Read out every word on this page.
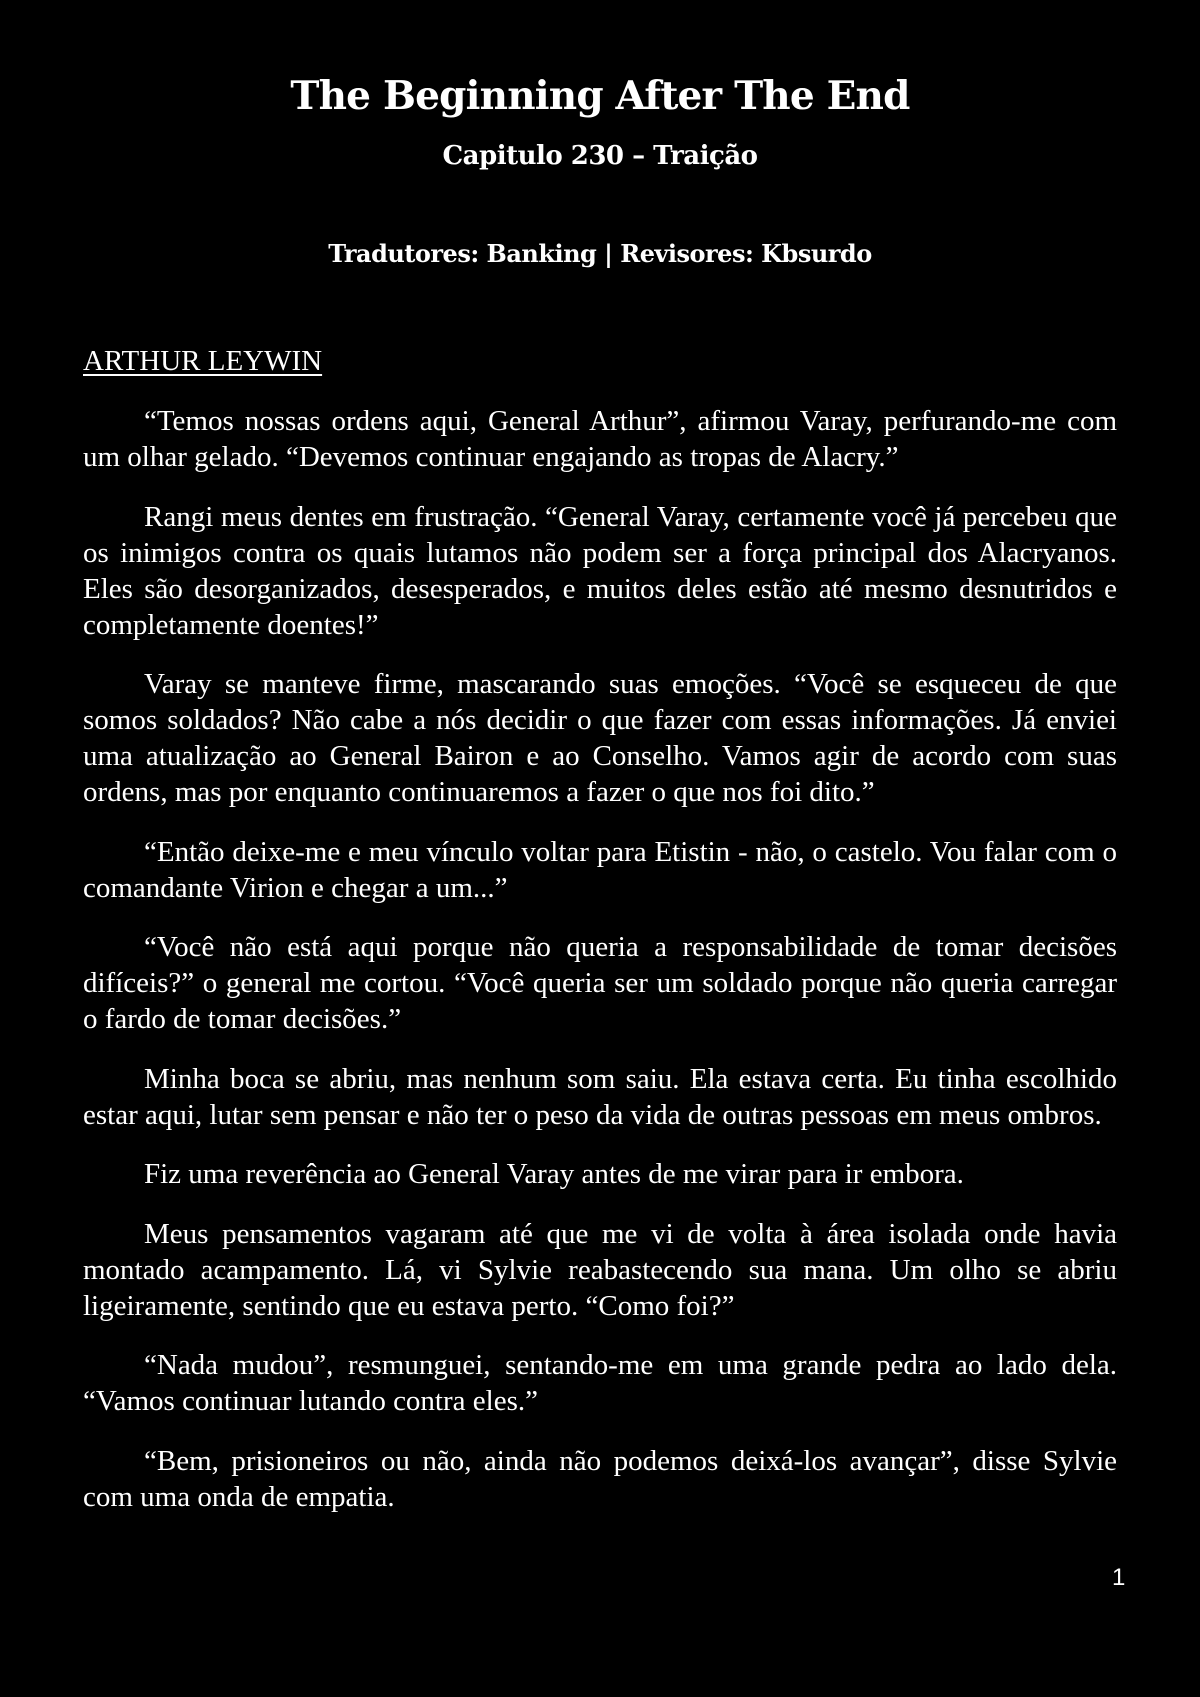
The Beginning After The End
Capitulo 230 – Traição

Tradutores: Banking | Revisores: Kbsurdo

ARTHUR LEYWIN

“Temos nossas ordens aqui, General Arthur”, afirmou Varay, perfurando-me com um olhar gelado. “Devemos continuar engajando as tropas de Alacry.”

Rangi meus dentes em frustração. “General Varay, certamente você já percebeu que os inimigos contra os quais lutamos não podem ser a força principal dos Alacryanos. Eles são desorganizados, desesperados, e muitos deles estão até mesmo desnutridos e completamente doentes!”

Varay se manteve firme, mascarando suas emoções. “Você se esqueceu de que somos soldados? Não cabe a nós decidir o que fazer com essas informações. Já enviei uma atualização ao General Bairon e ao Conselho. Vamos agir de acordo com suas ordens, mas por enquanto continuaremos a fazer o que nos foi dito.”

“Então deixe-me e meu vínculo voltar para Etistin - não, o castelo. Vou falar com o comandante Virion e chegar a um...”

“Você não está aqui porque não queria a responsabilidade de tomar decisões difíceis?” o general me cortou. “Você queria ser um soldado porque não queria carregar o fardo de tomar decisões.”

Minha boca se abriu, mas nenhum som saiu. Ela estava certa. Eu tinha escolhido estar aqui, lutar sem pensar e não ter o peso da vida de outras pessoas em meus ombros.

Fiz uma reverência ao General Varay antes de me virar para ir embora.

Meus pensamentos vagaram até que me vi de volta à área isolada onde havia montado acampamento. Lá, vi Sylvie reabastecendo sua mana. Um olho se abriu ligeiramente, sentindo que eu estava perto. “Como foi?”

“Nada mudou”, resmunguei, sentando-me em uma grande pedra ao lado dela. “Vamos continuar lutando contra eles.”

“Bem, prisioneiros ou não, ainda não podemos deixá-los avançar”, disse Sylvie com uma onda de empatia.

1
